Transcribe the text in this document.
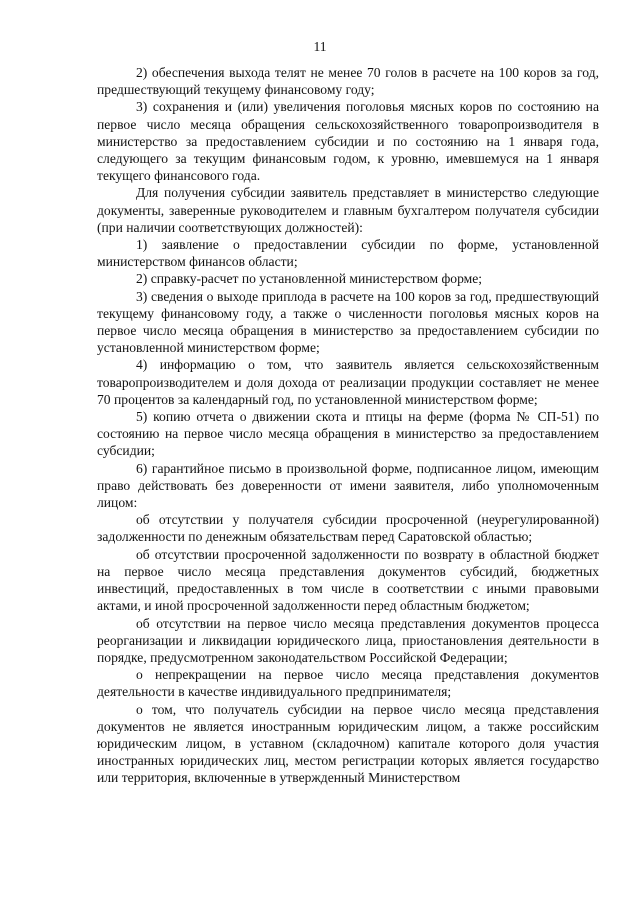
11

2) обеспечения выхода телят не менее 70 голов в расчете на 100 коров за год, предшествующий текущему финансовому году;

3) сохранения и (или) увеличения поголовья мясных коров по состоянию на первое число месяца обращения сельскохозяйственного товаропроизводителя в министерство за предоставлением субсидии и по состоянию на 1 января года, следующего за текущим финансовым годом, к уровню, имевшемуся на 1 января текущего финансового года.

Для получения субсидии заявитель представляет в министерство следующие документы, заверенные руководителем и главным бухгалтером получателя субсидии (при наличии соответствующих должностей):

1) заявление о предоставлении субсидии по форме, установленной министерством финансов области;

2) справку-расчет по установленной министерством форме;

3) сведения о выходе приплода в расчете на 100 коров за год, предшествующий текущему финансовому году, а также о численности поголовья мясных коров на первое число месяца обращения в министерство за предоставлением субсидии по установленной министерством форме;

4) информацию о том, что заявитель является сельскохозяйственным товаропроизводителем и доля дохода от реализации продукции составляет не менее 70 процентов за календарный год, по установленной министерством форме;

5) копию отчета о движении скота и птицы на ферме (форма № СП-51) по состоянию на первое число месяца обращения в министерство за предоставлением субсидии;

6) гарантийное письмо в произвольной форме, подписанное лицом, имеющим право действовать без доверенности от имени заявителя, либо уполномоченным лицом:

об отсутствии у получателя субсидии просроченной (неурегулированной) задолженности по денежным обязательствам перед Саратовской областью;

об отсутствии просроченной задолженности по возврату в областной бюджет на первое число месяца представления документов субсидий, бюджетных инвестиций, предоставленных в том числе в соответствии с иными правовыми актами, и иной просроченной задолженности перед областным бюджетом;

об отсутствии на первое число месяца представления документов процесса реорганизации и ликвидации юридического лица, приостановления деятельности в порядке, предусмотренном законодательством Российской Федерации;

о непрекращении на первое число месяца представления документов деятельности в качестве индивидуального предпринимателя;

о том, что получатель субсидии на первое число месяца представления документов не является иностранным юридическим лицом, а также российским юридическим лицом, в уставном (складочном) капитале которого доля участия иностранных юридических лиц, местом регистрации которых является государство или территория, включенные в утвержденный Министерством
